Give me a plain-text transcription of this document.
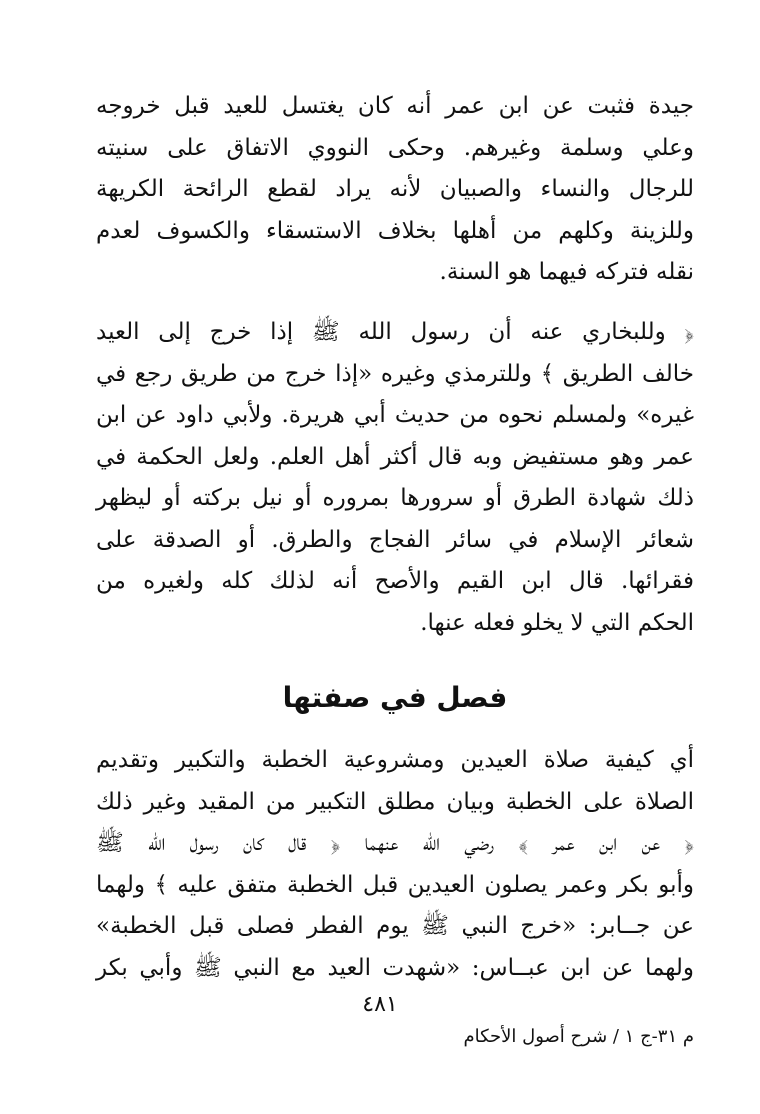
جيدة فثبت عن ابن عمر أنه كان يغتسل للعيد قبل خروجه
وعلي وسلمة وغيرهم. وحكى النووي الاتفاق على سنيته
للرجال والنساء والصبيان لأنه يراد لقطع الرائحة الكريهة
وللزينة وكلهم من أهلها بخلاف الاستسقاء والكسوف لعدم
نقله فتركه فيهما هو السنة.
﴿ وللبخاري عنه أن رسول الله ﷺ إذا خرج إلى العيد
خالف الطريق ﴾ وللترمذي وغيره «إذا خرج من طريق رجع في
غيره» ولمسلم نحوه من حديث أبي هريرة. ولأبي داود عن ابن
عمر وهو مستفيض وبه قال أكثر أهل العلم. ولعل الحكمة في
ذلك شهادة الطرق أو سرورها بمروره أو نيل بركته أو ليظهر
شعائر الإسلام في سائر الفجاج والطرق. أو الصدقة على
فقرائها. قال ابن القيم والأصح أنه لذلك كله ولغيره من
الحكم التي لا يخلو فعله عنها.
فصل في صفتها
أي كيفية صلاة العيدين ومشروعية الخطبة والتكبير وتقديم
الصلاة على الخطبة وبيان مطلق التكبير من المقيد وغير ذلك
﴿ عن ابن عمر ﴾ رضي الله عنهما ﴿ قال كان رسول الله ﷺ
وأبو بكر وعمر يصلون العيدين قبل الخطبة متفق عليه ﴾ ولهما
عن جــابر: «خرج النبي ﷺ يوم الفطر فصلى قبل الخطبة»
ولهما عن ابن عبــاس: «شهدت العيد مع النبي ﷺ وأبي بكر
٤٨١
م ٣١-ج ١ / شرح أصول الأحكام
